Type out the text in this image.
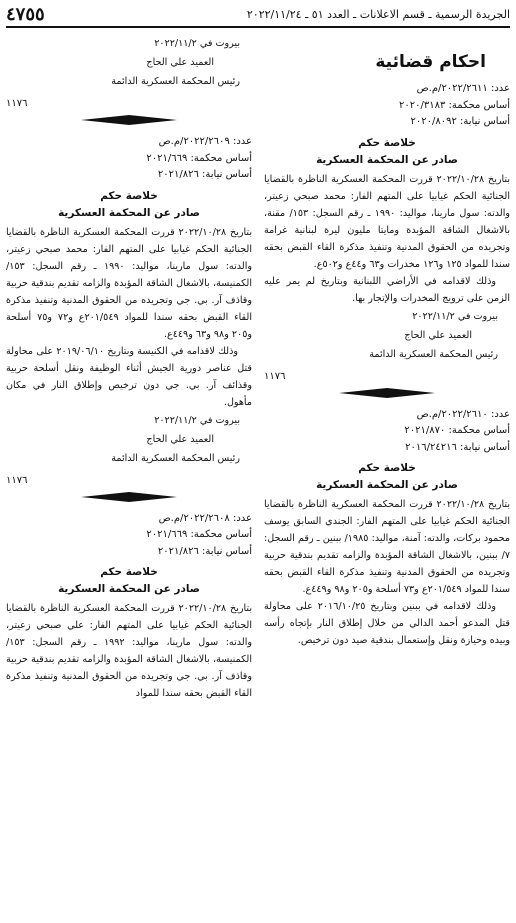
الجريدة الرسمية ـ قسم الاعلانات ـ العدد ٥١ ـ ٢٠٢٢/١١/٢٤
٤٧٥٥
احكام قضائية
عدد: ٢٠٢٢/٢٦١١/م.ص
أساس محكمة: ٢٠٢٠/٣١٨٣
أساس نيابة: ٢٠٢٠/٨٠٩٢
خلاصة حكم
صادر عن المحكمة العسكرية

بتاريخ ٢٠٢٢/١٠/٢٨ قررت المحكمة العسكرية الناظرة بالقضايا الجنائية الحكم غيابيا على المتهم الفار: محمد صبحي زعيتر، والدته: سول مارينا، مواليد: ١٩٩٠ ـ رقم السجل: ١٥٣/ مقنة، بالاشغال الشاقة المؤبدة ومايتا مليون ليرة لبنانية غرامة وتجريده من الحقوق المدنية وتنفيذ مذكرة القاء القبض بحقه سندا للمواد ١٢٥ و١٢٦ مخدرات و٦٣ و٤٤ع و٥٠٢ع.

وذلك لاقدامه في الأراضي اللبنانية وبتاريخ لم يمر عليه الزمن على ترويج المخدرات والإتجار بها.

بيروت في ٢٠٢٢/١١/٢
العميد علي الحاج
رئيس المحكمة العسكرية الدائمة
١١٧٦
عدد: ٢٠٢٢/٢٦١٠/م.ص
أساس محكمة: ٢٠٢١/٨٧٠
أساس نيابة: ٢٠١٦/٢٤٢١٦
خلاصة حكم
صادر عن المحكمة العسكرية

بتاريخ ٢٠٢٢/١٠/٢٨ قررت المحكمة العسكرية الناظرة بالقضايا الجنائية الحكم غيابيا على المتهم الفار: الجندي السابق يوسف محمود بركات، والدته: آمنة، مواليد: ١٩٨٥/ ببنين ـ رقم السجل: ٧/ ببنين، بالاشغال الشاقة المؤبدة والزامه تقديم بندقية حربية وتجريده من الحقوق المدنية وتنفيذ مذكرة القاء القبض بحقه سندا للمواد ٢٠١/٥٤٩ع و٧٣ أسلحة و٢٠٥ و٩٨ و٤٤٩ع.

وذلك لاقدامه في ببنين وبتاريخ ٢٠١٦/١٠/٢٥ على محاولة قتل المدعو أحمد الدالي من خلال إطلاق النار بإتجاه رأسه وبيده وحيازة ونقل وإستعمال بندقية صيد دون ترخيص.

بيروت في ٢٠٢٢/١١/٢
العميد علي الحاج
رئيس المحكمة العسكرية الدائمة
١١٧٦
عدد: ٢٠٢٢/٢٦٠٩/م.ص
أساس محكمة: ٢٠٢١/٦٦٩
أساس نيابة: ٢٠٢١/٨٢٦
خلاصة حكم
صادر عن المحكمة العسكرية

بتاريخ ٢٠٢٢/١٠/٢٨ قررت المحكمة العسكرية الناظرة بالقضايا الجنائية الحكم غيابيا على المتهم الفار: محمد صبحي زعيتر، والدته: سول مارينا، مواليد: ١٩٩٠ ـ رقم السجل: ١٥٣/ الكمنيسة، بالاشغال الشاقة المؤبدة والزامه تقديم بندقية حربية وقاذف آر. بي. جي وتجريده من الحقوق المدنية وتنفيذ مذكرة القاء القبض بحقه سندا للمواد ٢٠١/٥٤٩ع و٧٢ و٧٥ أسلحة و٢٠٥ و٩٨ و٦٣ و٤٤٩ع.

وذلك لاقدامه في الكنيسة وبتاريخ ٢٠١٩/٠٦/١٠ على محاولة قتل عناصر دورية الجيش أثناء الوظيفة ونقل أسلحة حربية وقذائف آر. بي. جي دون ترخيص وإطلاق النار في مكان مأهول.

بيروت في ٢٠٢٢/١١/٢
العميد علي الحاج
رئيس المحكمة العسكرية الدائمة
١١٧٦
عدد: ٢٠٢٢/٢٦٠٨/م.ص
أساس محكمة: ٢٠٢١/٦٦٩
أساس نيابة: ٢٠٢١/٨٢٦
خلاصة حكم
صادر عن المحكمة العسكرية

بتاريخ ٢٠٢٢/١٠/٢٨ قررت المحكمة العسكرية الناظرة بالقضايا الجنائية الحكم غيابيا على المتهم الفار: علي صبحي زعيتر، والدته: سول مارينا، مواليد: ١٩٩٢ ـ رقم السجل: ١٥٣/ الكمنيسة، بالاشغال الشاقة المؤبدة والزامه تقديم بندقية حربية وقاذف آر. بي. جي وتجريده من الحقوق المدنية وتنفيذ مذكرة القاء القبض بحقه سندا للمواد
